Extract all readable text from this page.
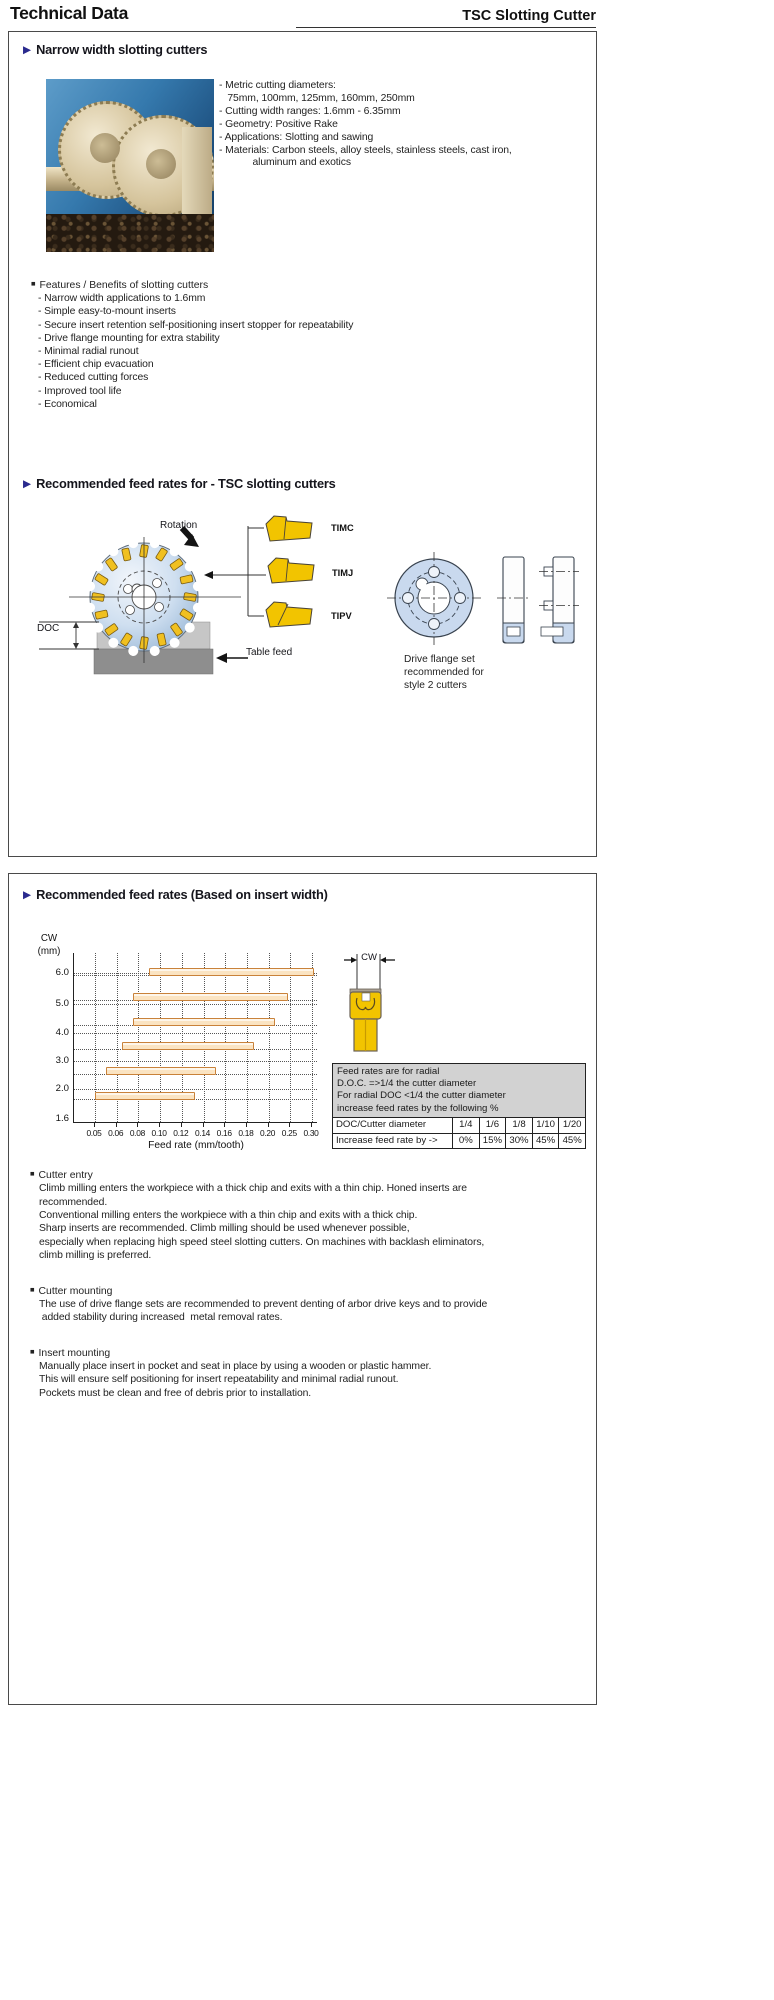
Technical Data	TSC Slotting Cutter
▶ Narrow width slotting cutters
- Metric cutting diameters:
75mm, 100mm, 125mm, 160mm, 250mm
- Cutting width ranges: 1.6mm - 6.35mm
- Geometry: Positive Rake
- Applications: Slotting and sawing
- Materials: Carbon steels, alloy steels, stainless steels, cast iron,
aluminum and exotics
■ Features / Benefits of slotting cutters
- Narrow width applications to 1.6mm
- Simple easy-to-mount inserts
- Secure insert retention self-positioning insert stopper for repeatability
- Drive flange mounting for extra stability
- Minimal radial runout
- Efficient chip evacuation
- Reduced cutting forces
- Improved tool life
- Economical
▶ Recommended feed rates for - TSC slotting cutters
Rotation
DOC
Table feed
TIMC
TIMJ
TIPV
Drive flange set
recommended for
style 2 cutters
▶ Recommended feed rates (Based on insert width)
CW
(mm)
Feed rate (mm/tooth)
0.05 0.06 0.08 0.10 0.12 0.14 0.16 0.18 0.20 0.25 0.30
6.0
5.0
4.0
3.0
2.0
1.6
CW
Feed rates are for radial
D.O.C. =>1/4 the cutter diameter
For radial DOC <1/4 the cutter diameter
increase feed rates by the following %
DOC/Cutter diameter	1/4	1/6	1/8	1/10 1/20
Increase feed rate by ->	0%	15% 30% 45% 45%
■ Cutter entry
Climb milling enters the workpiece with a thick chip and exits with a thin chip. Honed inserts are
recommended.
Conventional milling enters the workpiece with a thin chip and exits with a thick chip.
Sharp inserts are recommended. Climb milling should be used whenever possible,
especially when replacing high speed steel slotting cutters. On machines with backlash eliminators,
climb milling is preferred.
■ Cutter mounting
The use of drive flange sets are recommended to prevent denting of arbor drive keys and to provide
added stability during increased  metal removal rates.
■ Insert mounting
Manually place insert in pocket and seat in place by using a wooden or plastic hammer.
This will ensure self positioning for insert repeatability and minimal radial runout.
Pockets must be clean and free of debris prior to installation.
